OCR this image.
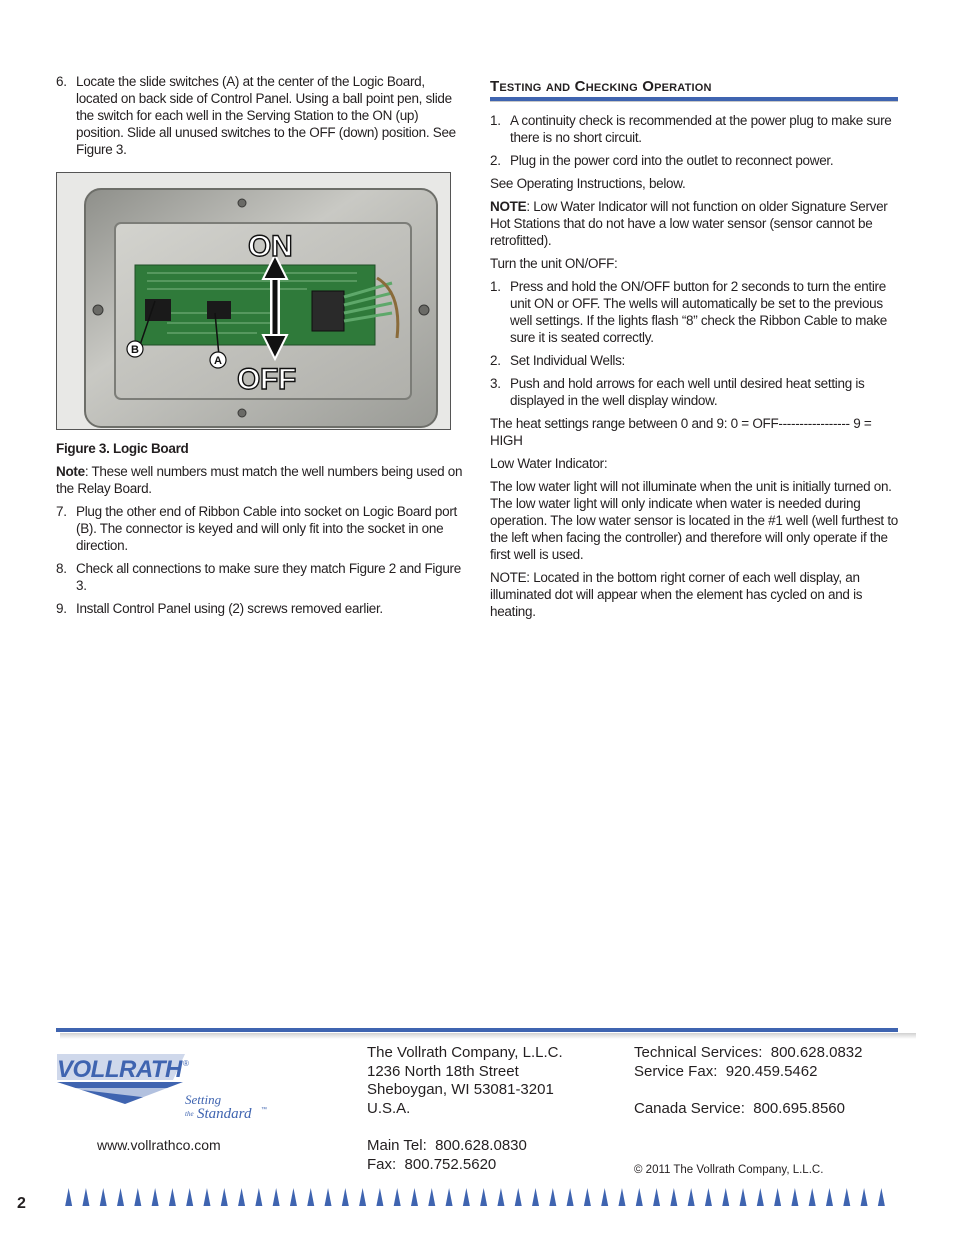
6. Locate the slide switches (A) at the center of the Logic Board, located on back side of Control Panel. Using a ball point pen, slide the switch for each well in the Serving Station to the ON (up) position. Slide all unused switches to the OFF (down) position. See Figure 3.
ON
OFF
B
A

Figure 3. Logic Board

Note: These well numbers must match the well numbers being used on the Relay Board.

7. Plug the other end of Ribbon Cable into socket on Logic Board port (B). The connector is keyed and will only fit into the socket in one direction.
8. Check all connections to make sure they match Figure 2 and Figure 3.
9. Install Control Panel using (2) screws removed earlier.
Testing and Checking Operation
1. A continuity check is recommended at the power plug to make sure there is no short circuit.
2. Plug in the power cord into the outlet to reconnect power.

See Operating Instructions, below.

NOTE: Low Water Indicator will not function on older Signature Server Hot Stations that do not have a low water sensor (sensor cannot be retrofitted).

Turn the unit ON/OFF:

1. Press and hold the ON/OFF button for 2 seconds to turn the entire unit ON or OFF. The wells will automatically be set to the previous well settings. If the lights flash “8” check the Ribbon Cable to make sure it is seated correctly.
2. Set Individual Wells:
3. Push and hold arrows for each well until desired heat setting is displayed in the well display window.

The heat settings range between 0 and 9: 0 = OFF----------------- 9 = HIGH

Low Water Indicator:

The low water light will not illuminate when the unit is initially turned on. The low water light will only indicate when water is needed during operation. The low water sensor is located in the #1 well (well furthest to the left when facing the controller) and therefore will only operate if the first well is used.

NOTE: Located in the bottom right corner of each well display, an illuminated dot will appear when the element has cycled on and is heating.

VOLLRATH ®
Setting
the Standard ™
www.vollrathco.com
The Vollrath Company, L.L.C.
1236 North 18th Street
Sheboygan, WI 53081-3201
U.S.A.
Main Tel:  800.628.0830
Fax:  800.752.5620
Technical Services:  800.628.0832
Service Fax:  920.459.5462
Canada Service:  800.695.8560
© 2011 The Vollrath Company, L.L.C.
2
